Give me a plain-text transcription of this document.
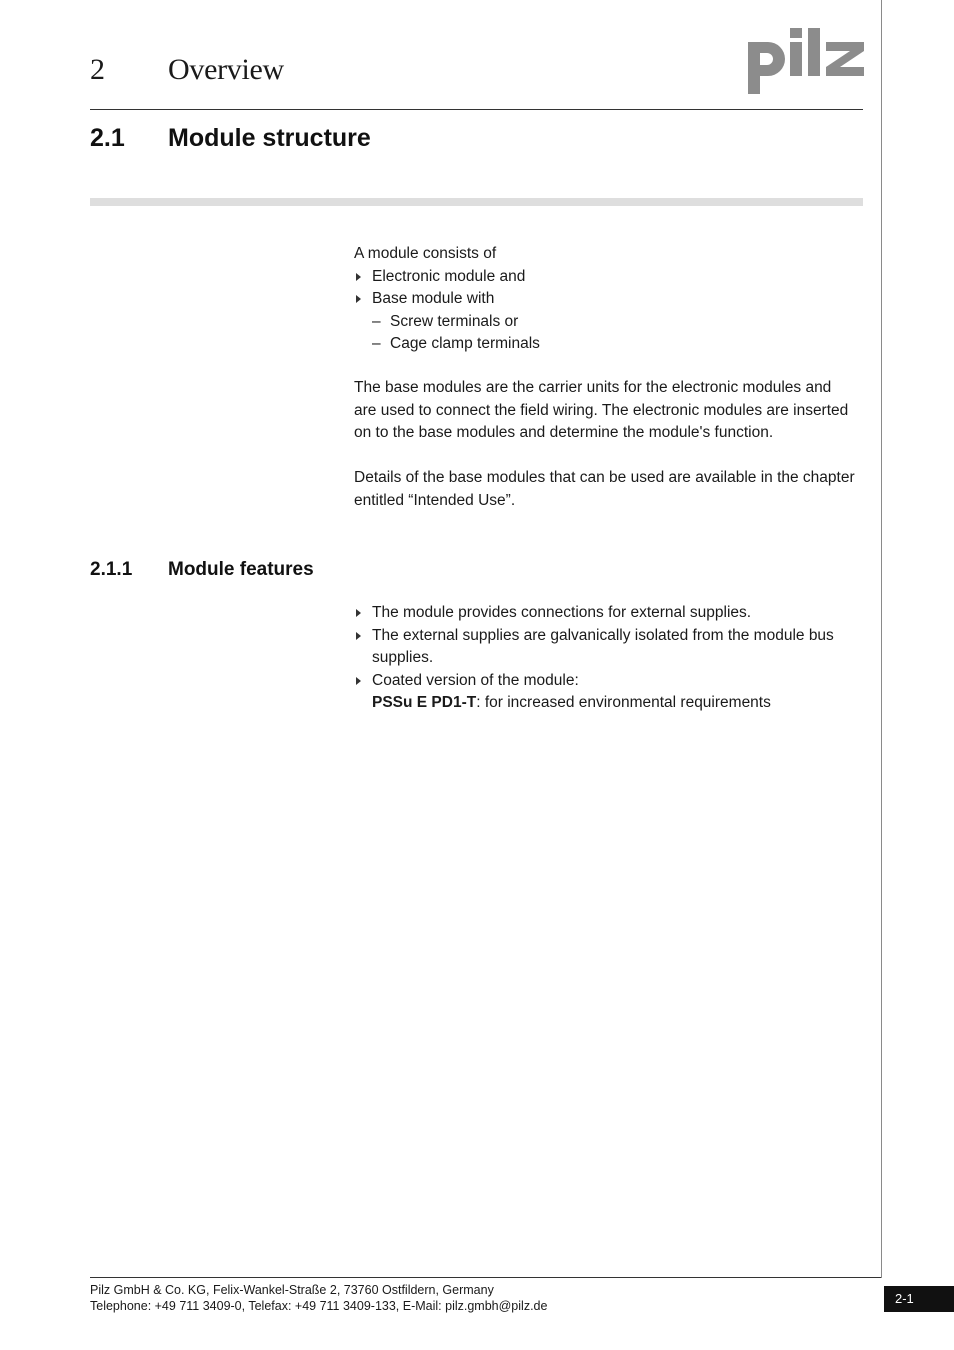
2 Overview
2.1 Module structure
A module consists of
Electronic module and
Base module with
– Screw terminals or
– Cage clamp terminals
The base modules are the carrier units for the electronic modules and
are used to connect the field wiring. The electronic modules are inserted
on to the base modules and determine the module's function.
Details of the base modules that can be used are available in the chapter
entitled “Intended Use”.
2.1.1 Module features
The module provides connections for external supplies.
The external supplies are galvanically isolated from the module bus
supplies.
Coated version of the module:
PSSu E PD1-T: for increased environmental requirements
Pilz GmbH & Co. KG, Felix-Wankel-Straße 2, 73760 Ostfildern, Germany
Telephone: +49 711 3409-0, Telefax: +49 711 3409-133, E-Mail: pilz.gmbh@pilz.de	2-1
